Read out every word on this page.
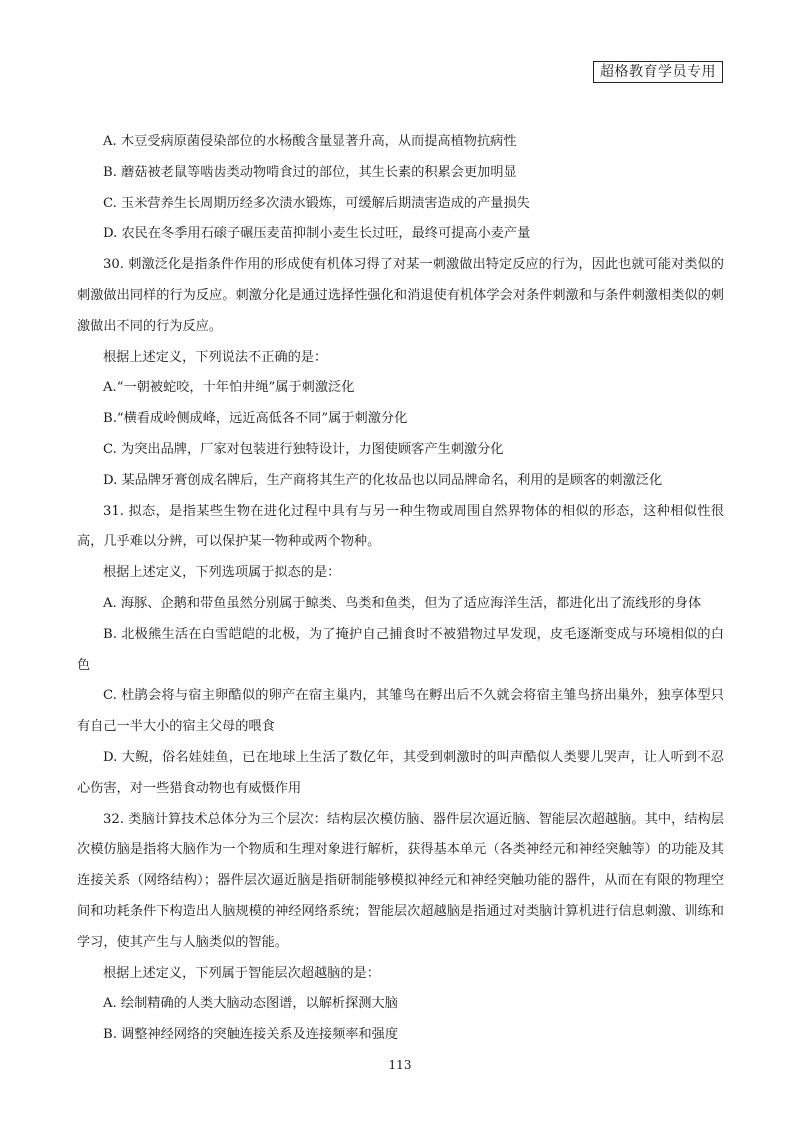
超格教育学员专用

A. 木豆受病原菌侵染部位的水杨酸含量显著升高，从而提高植物抗病性

B. 蘑菇被老鼠等啮齿类动物啃食过的部位，其生长素的积累会更加明显

C. 玉米营养生长周期历经多次渍水锻炼，可缓解后期渍害造成的产量损失

D. 农民在冬季用石磙子碾压麦苗抑制小麦生长过旺，最终可提高小麦产量

30. 刺激泛化是指条件作用的形成使有机体习得了对某一刺激做出特定反应的行为，因此也就可能对类似的刺激做出同样的行为反应。刺激分化是通过选择性强化和消退使有机体学会对条件刺激和与条件刺激相类似的刺激做出不同的行为反应。

根据上述定义，下列说法不正确的是：

A.“一朝被蛇咬，十年怕井绳”属于刺激泛化

B.“横看成岭侧成峰，远近高低各不同”属于刺激分化

C. 为突出品牌，厂家对包装进行独特设计，力图使顾客产生刺激分化

D. 某品牌牙膏创成名牌后，生产商将其生产的化妆品也以同品牌命名，利用的是顾客的刺激泛化

31. 拟态，是指某些生物在进化过程中具有与另一种生物或周围自然界物体的相似的形态，这种相似性很高，几乎难以分辨，可以保护某一物种或两个物种。

根据上述定义，下列选项属于拟态的是：

A. 海豚、企鹅和带鱼虽然分别属于鲸类、鸟类和鱼类，但为了适应海洋生活，都进化出了流线形的身体

B. 北极熊生活在白雪皑皑的北极，为了掩护自己捕食时不被猎物过早发现，皮毛逐渐变成与环境相似的白色

C. 杜鹃会将与宿主卵酷似的卵产在宿主巢内，其雏鸟在孵出后不久就会将宿主雏鸟挤出巢外，独享体型只有自己一半大小的宿主父母的喂食

D. 大鲵，俗名娃娃鱼，已在地球上生活了数亿年，其受到刺激时的叫声酷似人类婴儿哭声，让人听到不忍心伤害，对一些猎食动物也有威慑作用

32. 类脑计算技术总体分为三个层次：结构层次模仿脑、器件层次逼近脑、智能层次超越脑。其中，结构层次模仿脑是指将大脑作为一个物质和生理对象进行解析，获得基本单元（各类神经元和神经突触等）的功能及其连接关系（网络结构）；器件层次逼近脑是指研制能够模拟神经元和神经突触功能的器件，从而在有限的物理空间和功耗条件下构造出人脑规模的神经网络系统；智能层次超越脑是指通过对类脑计算机进行信息刺激、训练和学习，使其产生与人脑类似的智能。

根据上述定义，下列属于智能层次超越脑的是：

A. 绘制精确的人类大脑动态图谱，以解析探测大脑

B. 调整神经网络的突触连接关系及连接频率和强度

113
